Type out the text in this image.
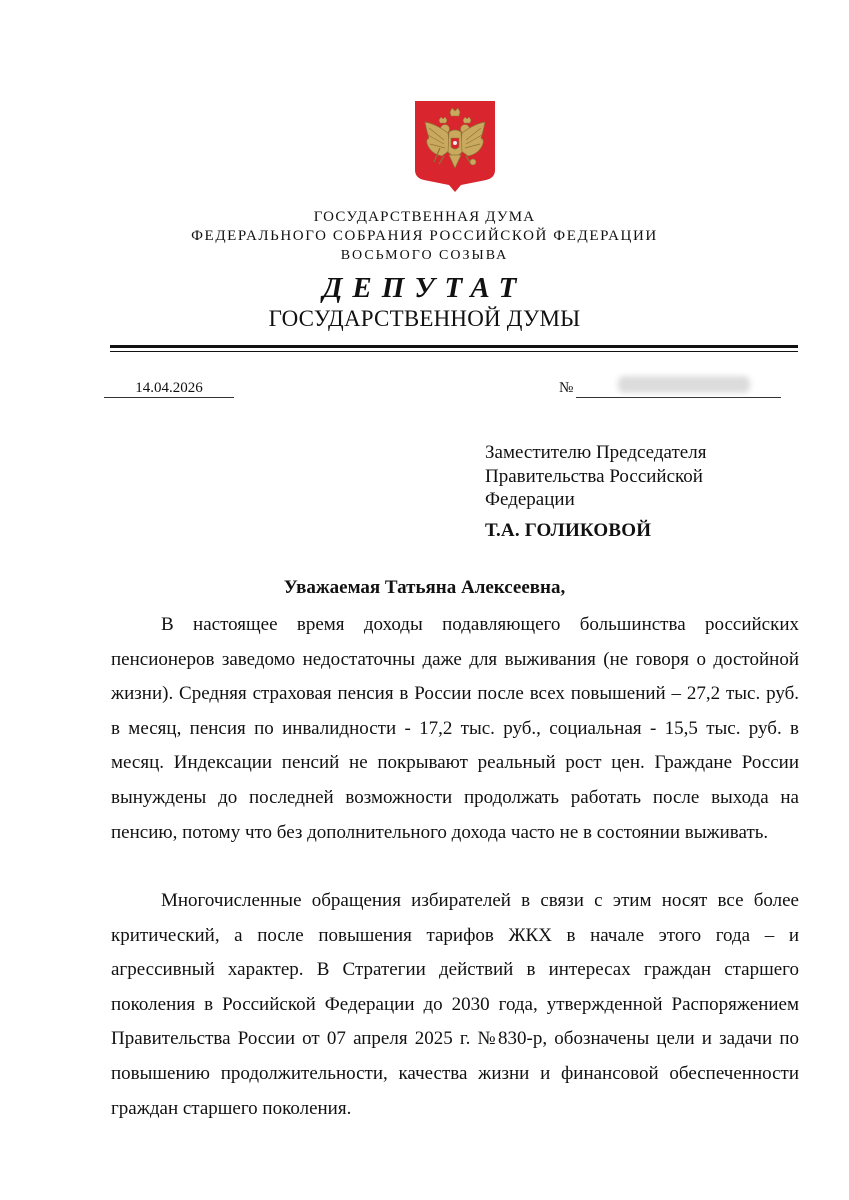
ГОСУДАРСТВЕННАЯ ДУМА
ФЕДЕРАЛЬНОГО СОБРАНИЯ РОССИЙСКОЙ ФЕДЕРАЦИИ
ВОСЬМОГО СОЗЫВА
ДЕПУТАТ
ГОСУДАРСТВЕННОЙ ДУМЫ
14.04.2026	№
Заместителю Председателя
Правительства Российской
Федерации
Т.А. ГОЛИКОВОЙ
Уважаемая Татьяна Алексеевна,

В настоящее время доходы подавляющего большинства российских пенсионеров заведомо недостаточны даже для выживания (не говоря о достойной жизни). Средняя страховая пенсия в России после всех повышений – 27,2 тыс. руб. в месяц, пенсия по инвалидности - 17,2 тыс. руб., социальная - 15,5 тыс. руб. в месяц. Индексации пенсий не покрывают реальный рост цен. Граждане России вынуждены до последней возможности продолжать работать после выхода на пенсию, потому что без дополнительного дохода часто не в состоянии выживать.

Многочисленные обращения избирателей в связи с этим носят все более критический, а после повышения тарифов ЖКХ в начале этого года – и агрессивный характер. В Стратегии действий в интересах граждан старшего поколения в Российской Федерации до 2030 года, утвержденной Распоряжением Правительства России от 07 апреля 2025 г. №830-р, обозначены цели и задачи по повышению продолжительности, качества жизни и финансовой обеспеченности граждан старшего поколения.
